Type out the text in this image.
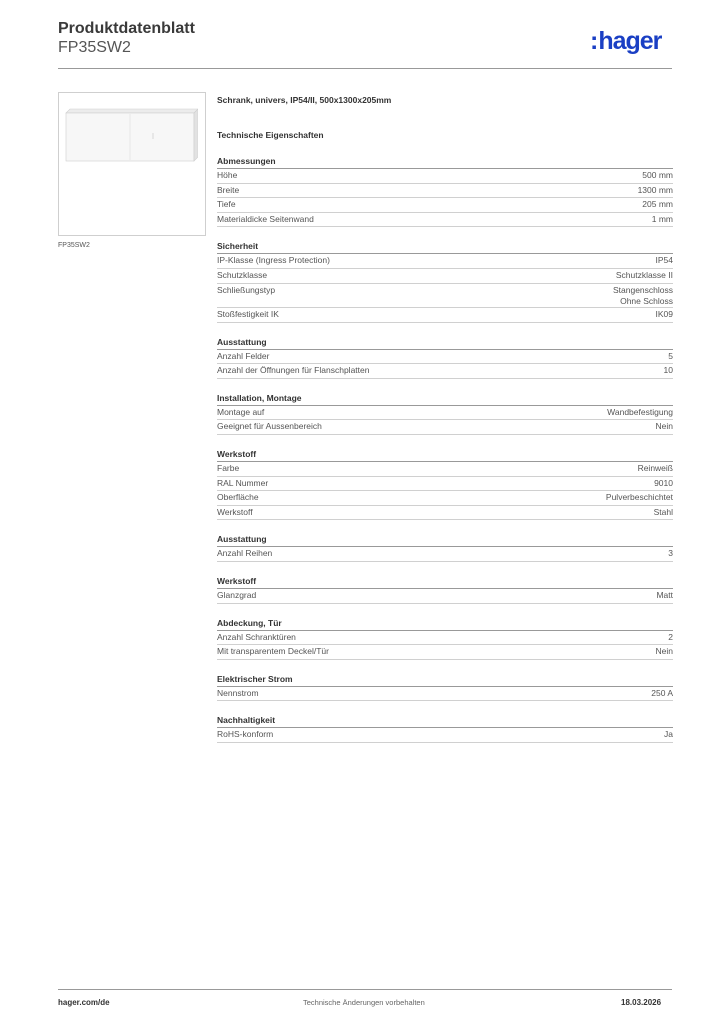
Produktdatenblatt
FP35SW2	:hager
FP35SW2
Schrank, univers, IP54/II, 500x1300x205mm
Technische Eigenschaften
Abmessungen
Höhe	500 mm
Breite	1300 mm
Tiefe	205 mm
Materialdicke Seitenwand	1 mm
Sicherheit
IP-Klasse (Ingress Protection)	IP54
Schutzklasse	Schutzklasse II
Schließungstyp	Stangenschloss
Ohne Schloss
Stoßfestigkeit IK	IK09
Ausstattung
Anzahl Felder	5
Anzahl der Öffnungen für Flanschplatten	10
Installation, Montage
Montage auf	Wandbefestigung
Geeignet für Aussenbereich	Nein
Werkstoff
Farbe	Reinweiß
RAL Nummer	9010
Oberfläche	Pulverbeschichtet
Werkstoff	Stahl
Ausstattung
Anzahl Reihen	3
Werkstoff
Glanzgrad	Matt
Abdeckung, Tür
Anzahl Schranktüren	2
Mit transparentem Deckel/Tür	Nein
Elektrischer Strom
Nennstrom	250 A
Nachhaltigkeit
RoHS-konform	Ja
hager.com/de	Technische Änderungen vorbehalten	18.03.2026
